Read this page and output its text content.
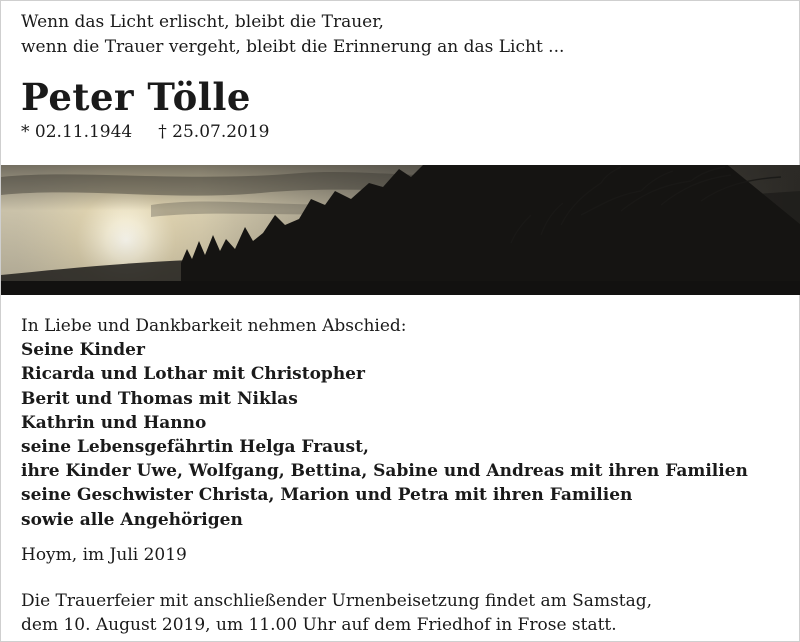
Wenn das Licht erlischt, bleibt die Trauer,
wenn die Trauer vergeht, bleibt die Erinnerung an das Licht ...
Peter Tölle
* 02.11.1944 † 25.07.2019
In Liebe und Dankbarkeit nehmen Abschied:
Seine Kinder
Ricarda und Lothar mit Christopher
Berit und Thomas mit Niklas
Kathrin und Hanno
seine Lebensgefährtin Helga Fraust,
ihre Kinder Uwe, Wolfgang, Bettina, Sabine und Andreas mit ihren Familien
seine Geschwister Christa, Marion und Petra mit ihren Familien
sowie alle Angehörigen
Hoym, im Juli 2019
Die Trauerfeier mit anschließender Urnenbeisetzung findet am Samstag,
dem 10. August 2019, um 11.00 Uhr auf dem Friedhof in Frose statt.
